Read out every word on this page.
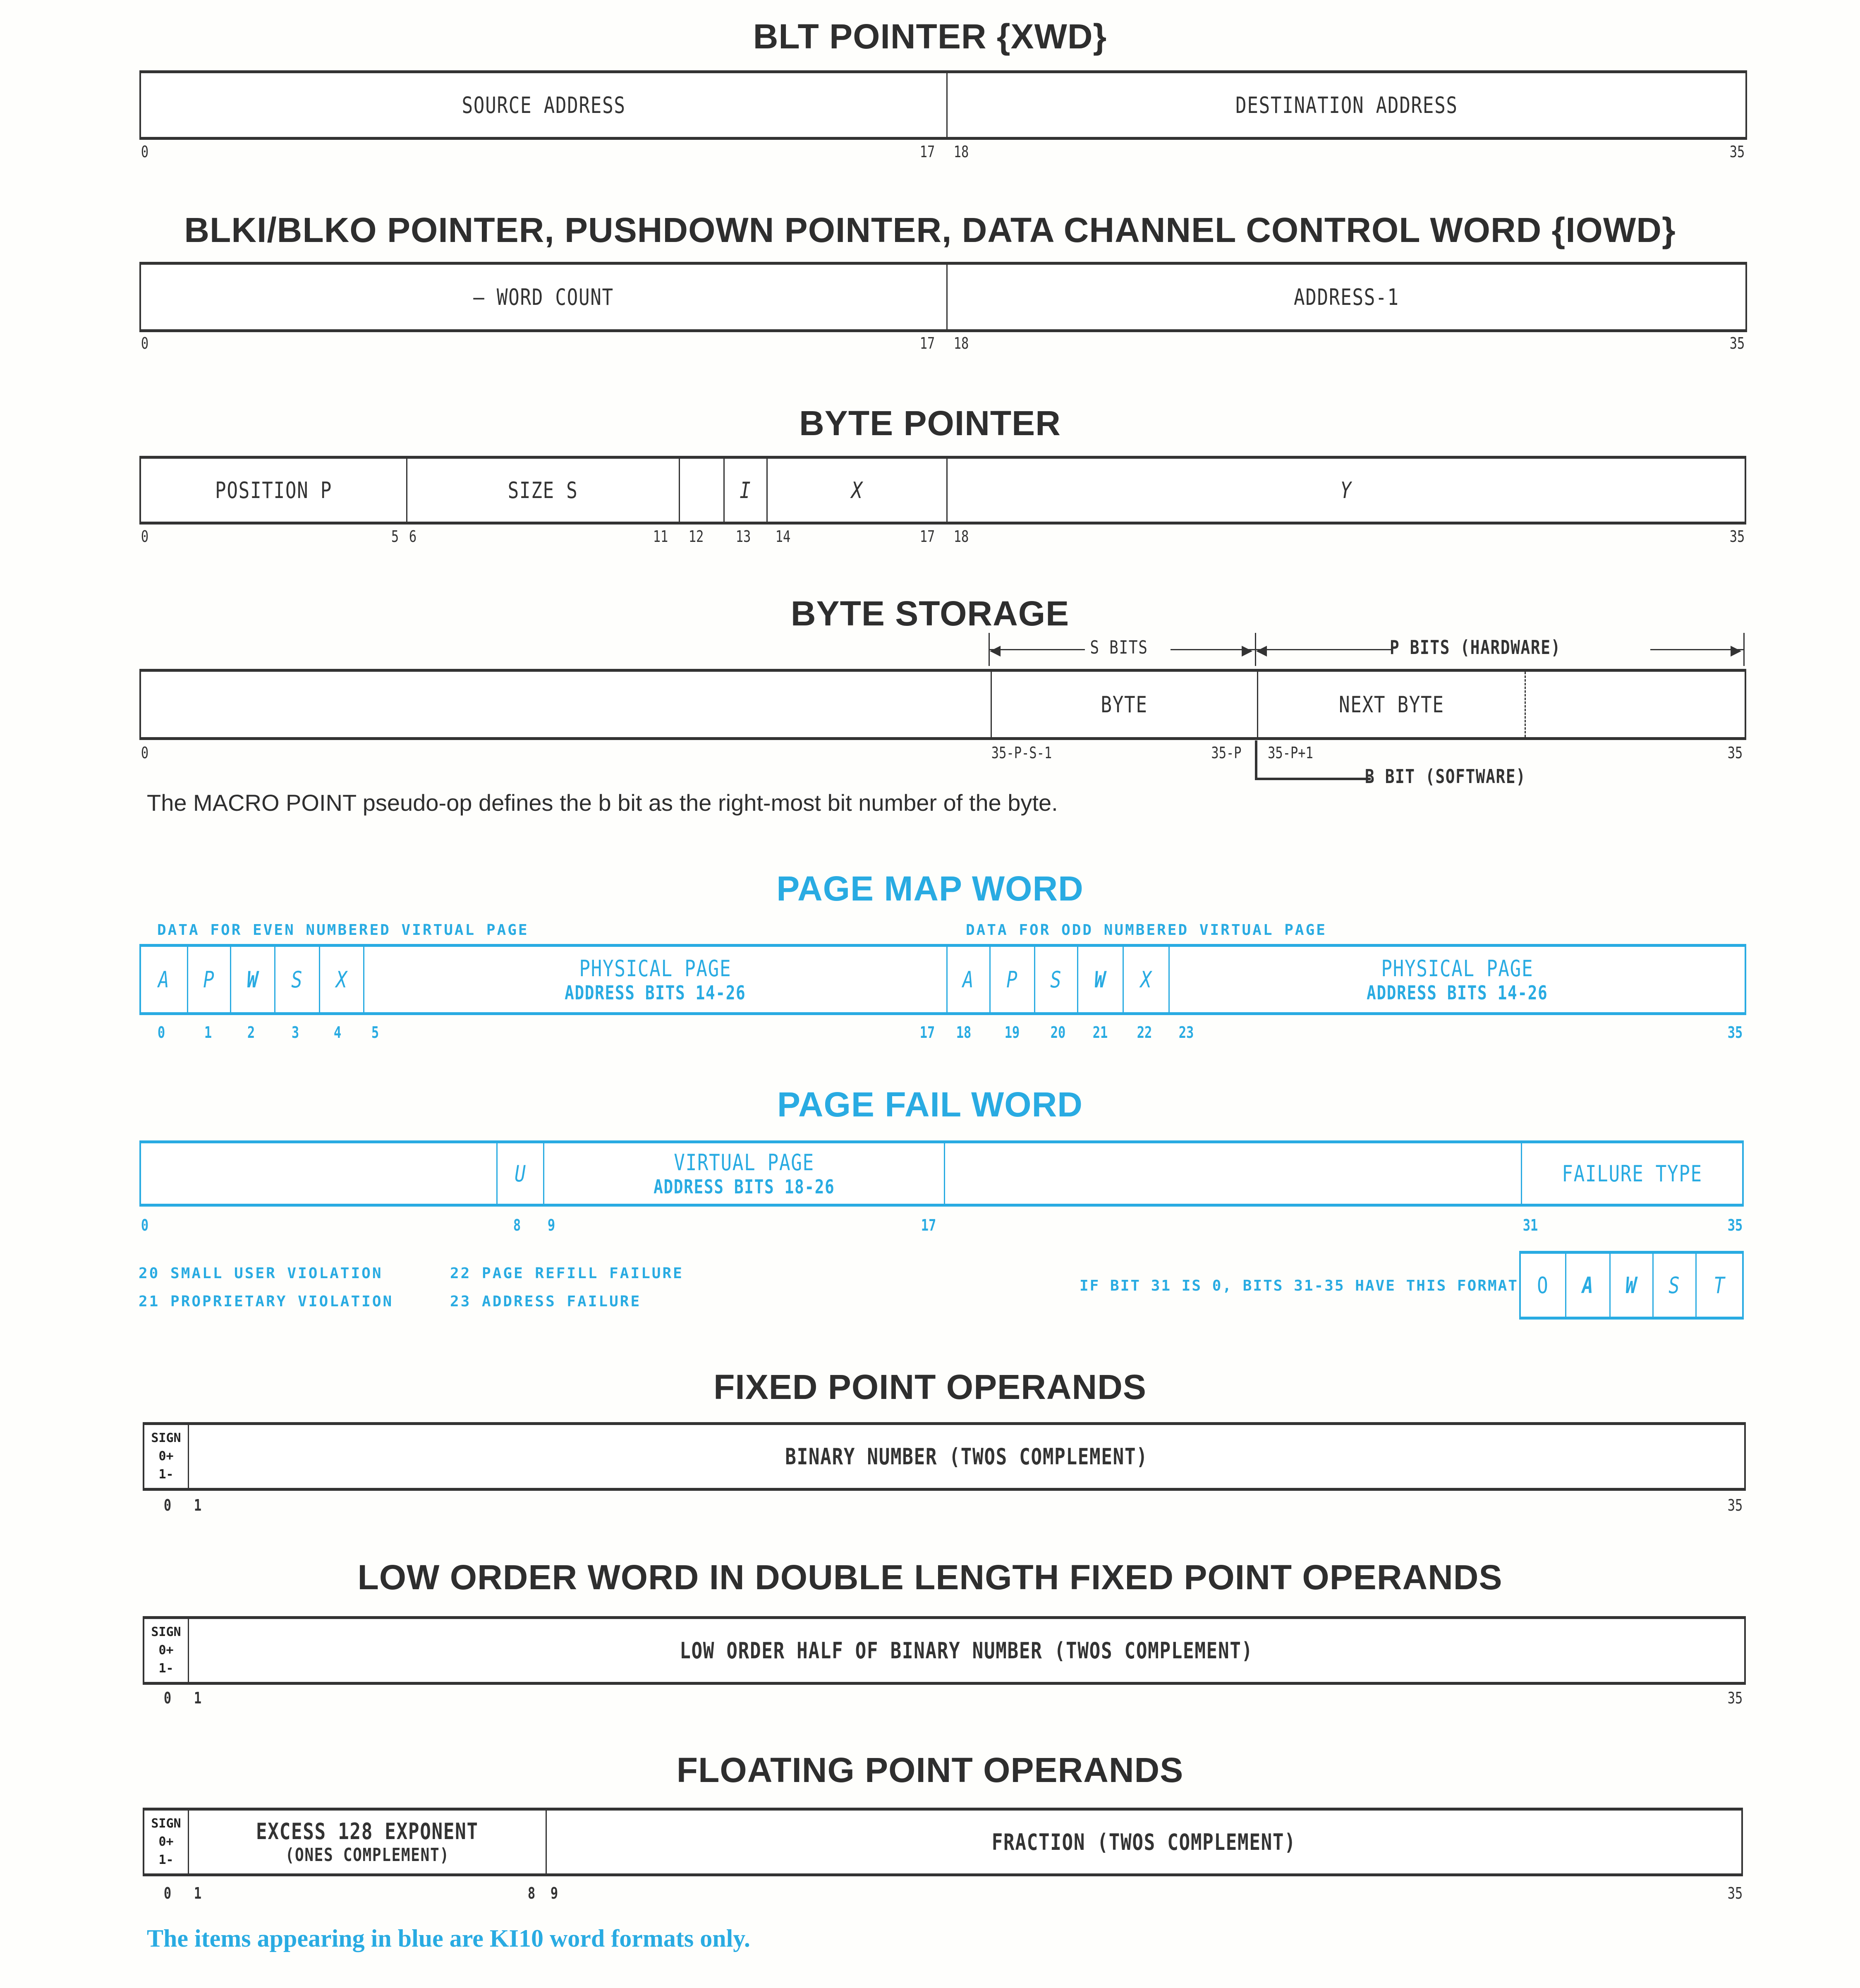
BLT POINTER {XWD}
SOURCE ADDRESS	DESTINATION ADDRESS
0	17 18	35
BLKI/BLKO POINTER, PUSHDOWN POINTER, DATA CHANNEL CONTROL WORD {IOWD}
– WORD COUNT	ADDRESS-1
0	17 18	35
BYTE POINTER
POSITION P	SIZE S	I	X	Y
0	5 6	11 12 13 14	17 18	35
BYTE STORAGE
◀	▶
S BITS	◀	▶
P BITS (HARDWARE)
BYTE	NEXT BYTE
0	35-P-S-1	35-P 35-P+1	35
B BIT (SOFTWARE)
The MACRO POINT pseudo-op defines the b bit as the right-most bit number of the byte.
PAGE MAP WORD
DATA FOR EVEN NUMBERED VIRTUAL PAGE	DATA FOR ODD NUMBERED VIRTUAL PAGE
A P W S X	PHYSICAL PAGE
ADDRESS BITS 14-26	A P S W X	PHYSICAL PAGE
ADDRESS BITS 14-26
0 1 2 3 4 5	17 18 19 20 21 22 23	35
PAGE FAIL WORD
U	VIRTUAL PAGE
ADDRESS BITS 18-26	FAILURE TYPE
0	8 9	17	31	35
20 SMALL USER VIOLATION
21 PROPRIETARY VIOLATION
22 PAGE REFILL FAILURE
23 ADDRESS FAILURE
IF BIT 31 IS 0, BITS 31-35 HAVE THIS FORMAT O A W S T
FIXED POINT OPERANDS
SIGN
0+
1-
BINARY NUMBER (TWOS COMPLEMENT)
0 1	35
LOW ORDER WORD IN DOUBLE LENGTH FIXED POINT OPERANDS
SIGN
0+
1-
LOW ORDER HALF OF BINARY NUMBER (TWOS COMPLEMENT)
0 1	35
FLOATING POINT OPERANDS
SIGN
0+
1-
EXCESS 128 EXPONENT
(ONES COMPLEMENT)	FRACTION (TWOS COMPLEMENT)
0 1	8 9	35
The items appearing in blue are KI10 word formats only.
